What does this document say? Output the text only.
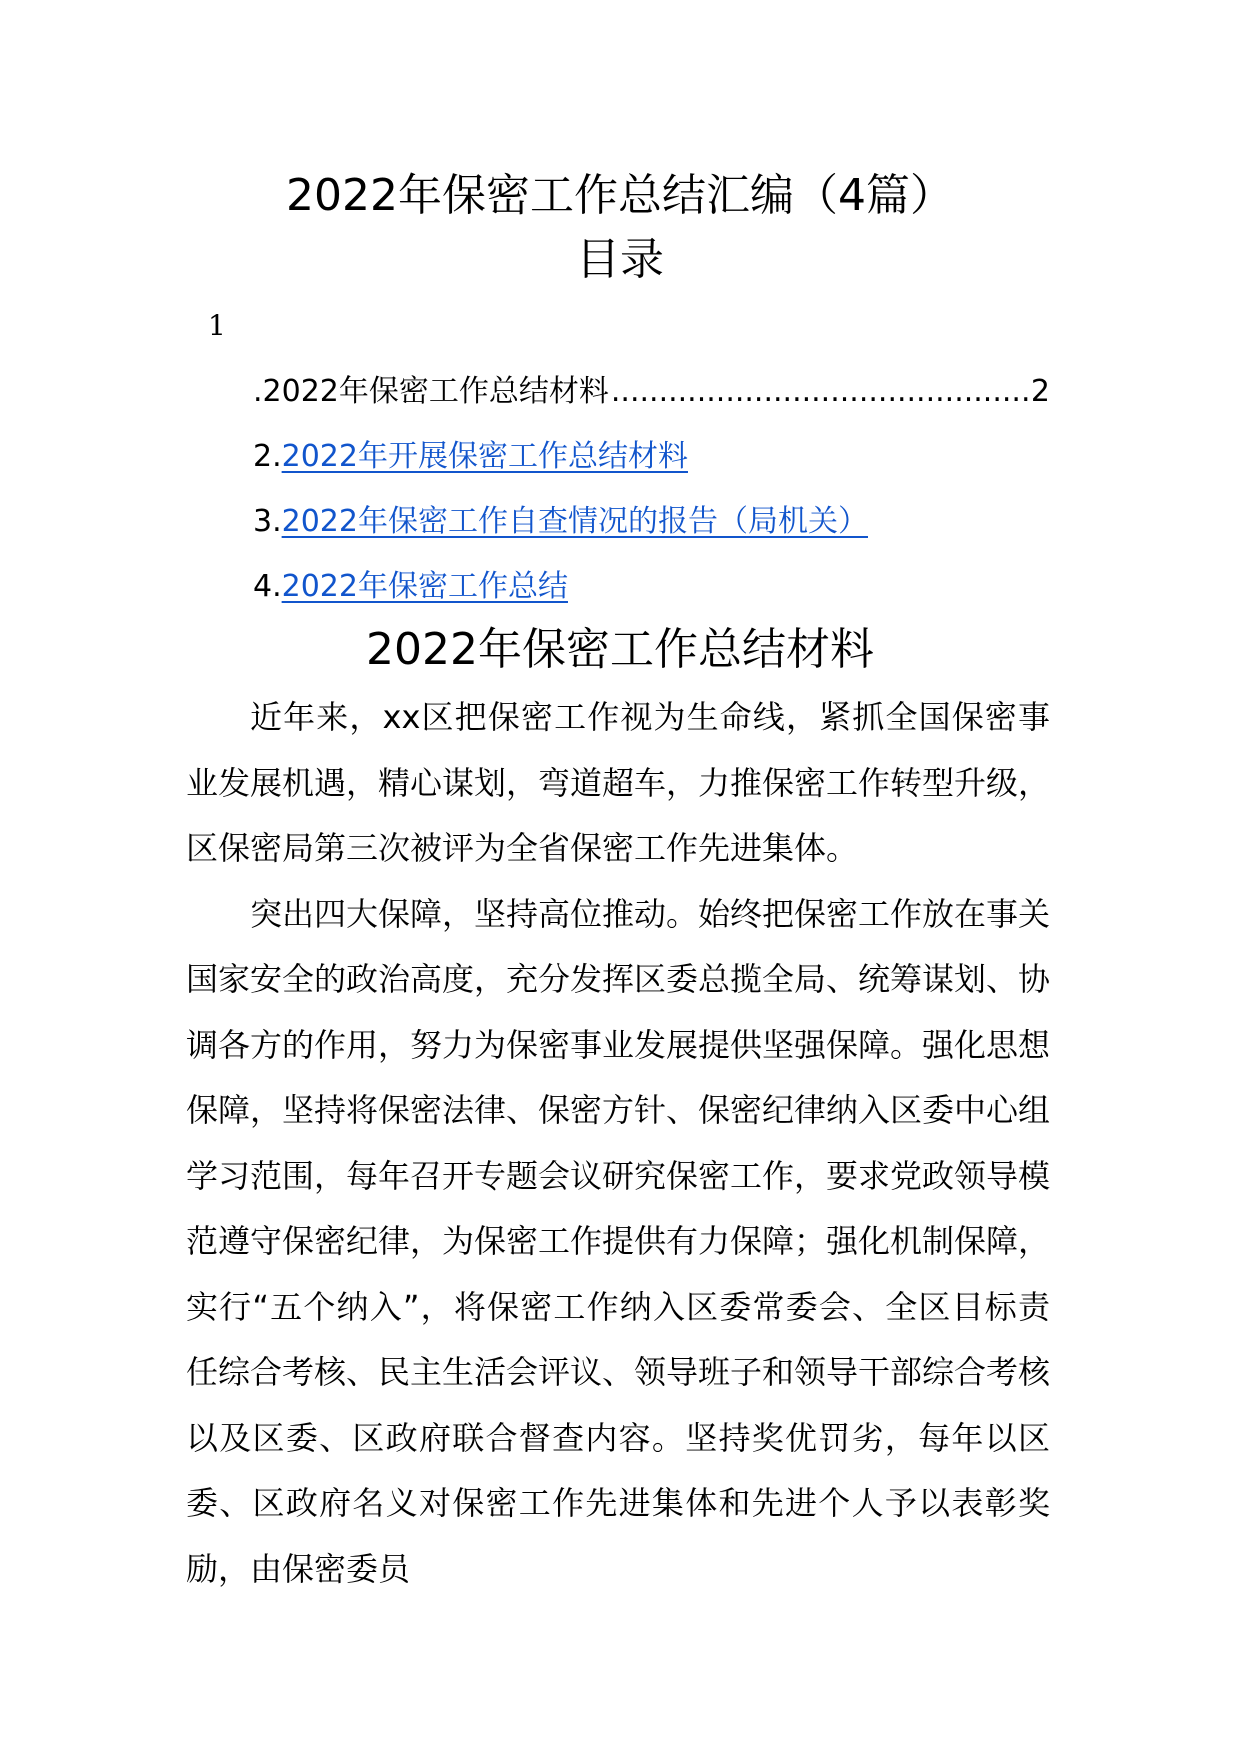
2022年保密工作总结汇编（4篇）
目录
1
.2022年保密工作总结材料
.....	2
2. 2022年开展保密工作总结材料
3. 2022年保密工作自查情况的报告（局机关）
4. 2022年保密工作总结
2022年保密工作总结材料

近年来，xx区把保密工作视为生命线，紧抓全国保密事业发展机遇，精心谋划，弯道超车，力推保密工作转型升级，区保密局第三次被评为全省保密工作先进集体。

突出四大保障，坚持高位推动。始终把保密工作放在事关国家安全的政治高度，充分发挥区委总揽全局、统筹谋划、协调各方的作用，努力为保密事业发展提供坚强保障。强化思想保障，坚持将保密法律、保密方针、保密纪律纳入区委中心组学习范围，每年召开专题会议研究保密工作，要求党政领导模范遵守保密纪律，为保密工作提供有力保障；强化机制保障，实行“五个纳入”，将保密工作纳入区委常委会、全区目标责任综合考核、民主生活会评议、领导班子和领导干部综合考核以及区委、区政府联合督查内容。坚持奖优罚劣，每年以区委、区政府名义对保密工作先进集体和先进个人予以表彰奖励，由保密委员
